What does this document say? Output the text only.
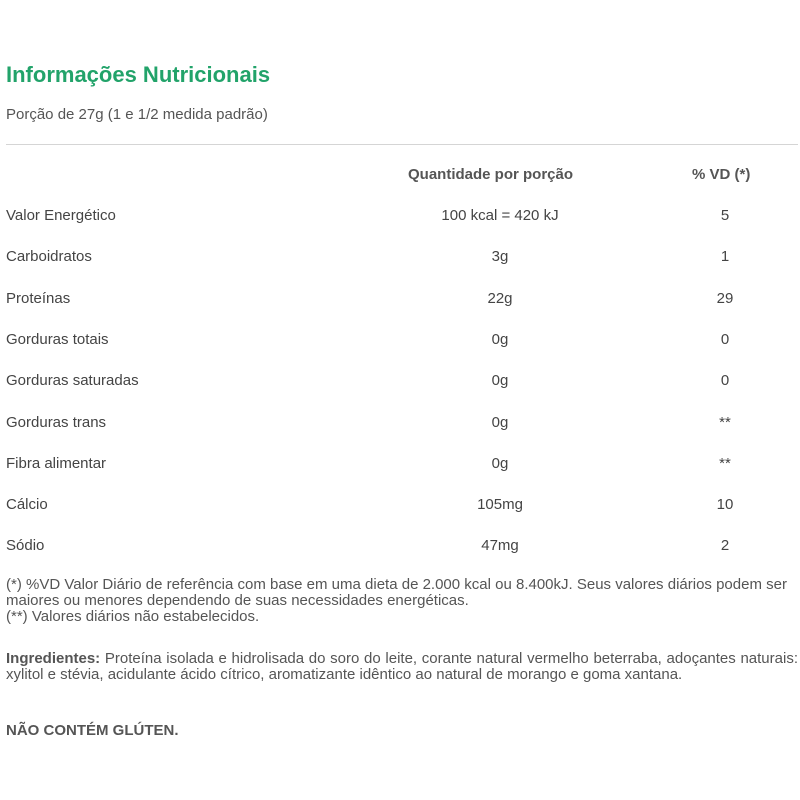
Informações Nutricionais
Porção de 27g (1 e 1/2 medida padrão)
Quantidade por porção	% VD (*)
Valor Energético	100 kcal = 420 kJ	5
Carboidratos	3g	1
Proteínas	22g	29
Gorduras totais	0g	0
Gorduras saturadas	0g	0
Gorduras trans	0g	**
Fibra alimentar	0g	**
Cálcio	105mg	10
Sódio	47mg	2
(*) %VD Valor Diário de referência com base em uma dieta de 2.000 kcal ou 8.400kJ. Seus valores diários podem ser maiores ou menores dependendo de suas necessidades energéticas.
(**) Valores diários não estabelecidos.
Ingredientes: Proteína isolada e hidrolisada do soro do leite, corante natural vermelho beterraba, adoçantes naturais: xylitol e stévia, acidulante ácido cítrico, aromatizante idêntico ao natural de morango e goma xantana.
NÃO CONTÉM GLÚTEN.
